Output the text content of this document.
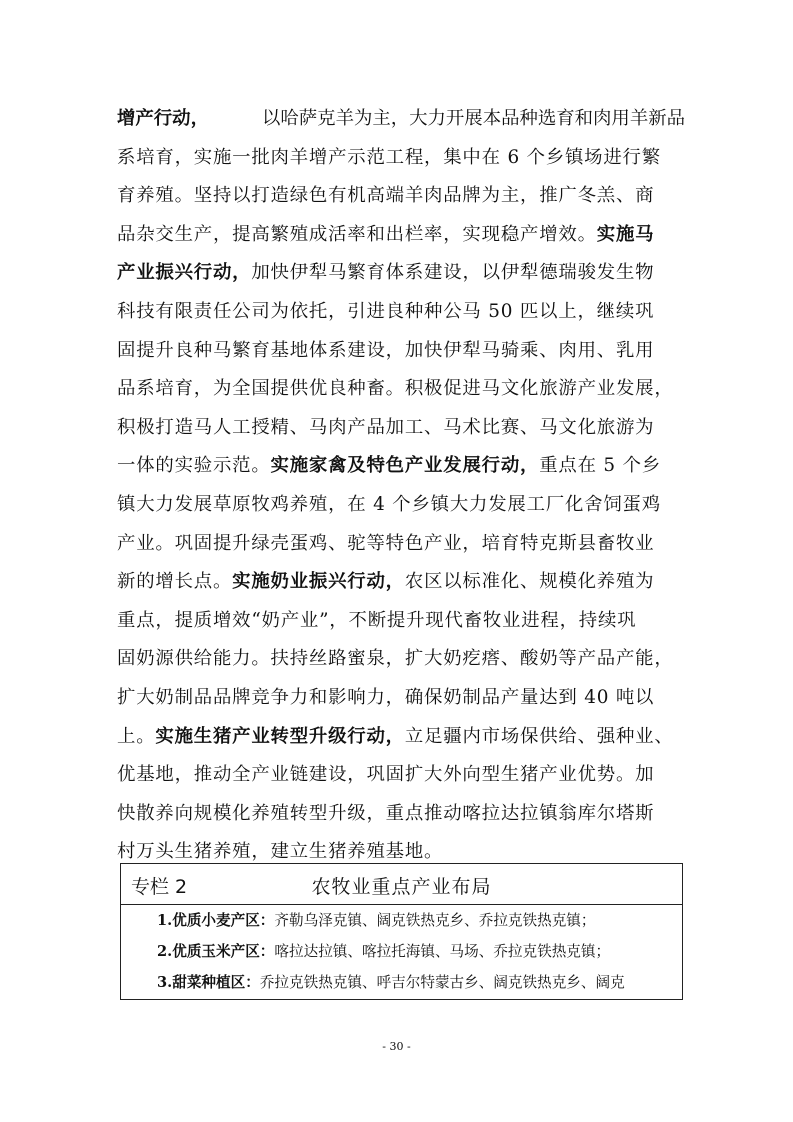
增产行动，	以哈萨克羊为主，大力开展本品种选育和肉用羊新品
系培育，实施一批肉羊增产示范工程，集中在 6 个乡镇场进行繁
育养殖。坚持以打造绿色有机高端羊肉品牌为主，推广冬羔、商
品杂交生产，提高繁殖成活率和出栏率，实现稳产增效。实施马
产业振兴行动，加快伊犁马繁育体系建设，以伊犁德瑞骏发生物
科技有限责任公司为依托，引进良种种公马 50 匹以上，继续巩
固提升良种马繁育基地体系建设，加快伊犁马骑乘、肉用、乳用
品系培育，为全国提供优良种畜。积极促进马文化旅游产业发展，
积极打造马人工授精、马肉产品加工、马术比赛、马文化旅游为
一体的实验示范。实施家禽及特色产业发展行动，重点在 5 个乡
镇大力发展草原牧鸡养殖，在 4 个乡镇大力发展工厂化舍饲蛋鸡
产业。巩固提升绿壳蛋鸡、驼等特色产业，培育特克斯县畜牧业
新的增长点。实施奶业振兴行动，农区以标准化、规模化养殖为
重点，提质增效“奶产业”，不断提升现代畜牧业进程，持续巩
固奶源供给能力。扶持丝路蜜泉，扩大奶疙瘩、酸奶等产品产能，
扩大奶制品品牌竞争力和影响力，确保奶制品产量达到 40 吨以
上。实施生猪产业转型升级行动，立足疆内市场保供给、强种业、
优基地，推动全产业链建设，巩固扩大外向型生猪产业优势。加
快散养向规模化养殖转型升级，重点推动喀拉达拉镇翁库尔塔斯
村万头生猪养殖，建立生猪养殖基地。
专栏 2	农牧业重点产业布局
1.优质小麦产区：齐勒乌泽克镇、阔克铁热克乡、乔拉克铁热克镇；
2.优质玉米产区：喀拉达拉镇、喀拉托海镇、马场、乔拉克铁热克镇；
3.甜菜种植区：乔拉克铁热克镇、呼吉尔特蒙古乡、阔克铁热克乡、阔克
- 30 -
